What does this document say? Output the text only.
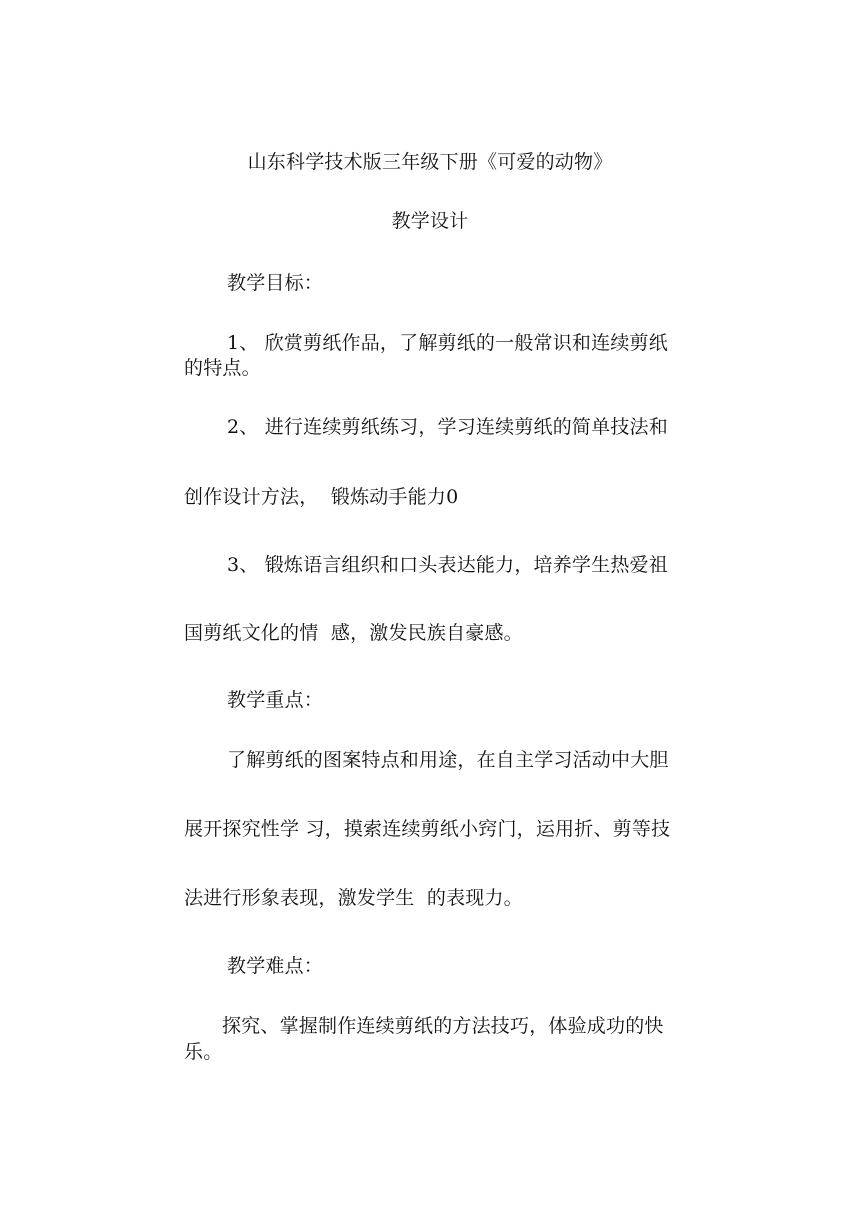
山东科学技术版三年级下册《可爱的动物》
教学设计
教学目标：
1、 欣赏剪纸作品，了解剪纸的一般常识和连续剪纸
的特点。
2、 进行连续剪纸练习，学习连续剪纸的简单技法和
创作设计方法，  锻炼动手能力0
3、 锻炼语言组织和口头表达能力，培养学生热爱祖
国剪纸文化的情  感，激发民族自豪感。
教学重点：
了解剪纸的图案特点和用途，在自主学习活动中大胆
展开探究性学 习，摸索连续剪纸小窍门，运用折、剪等技
法进行形象表现，激发学生  的表现力。
教学难点：
探究、掌握制作连续剪纸的方法技巧，体验成功的快
乐。
